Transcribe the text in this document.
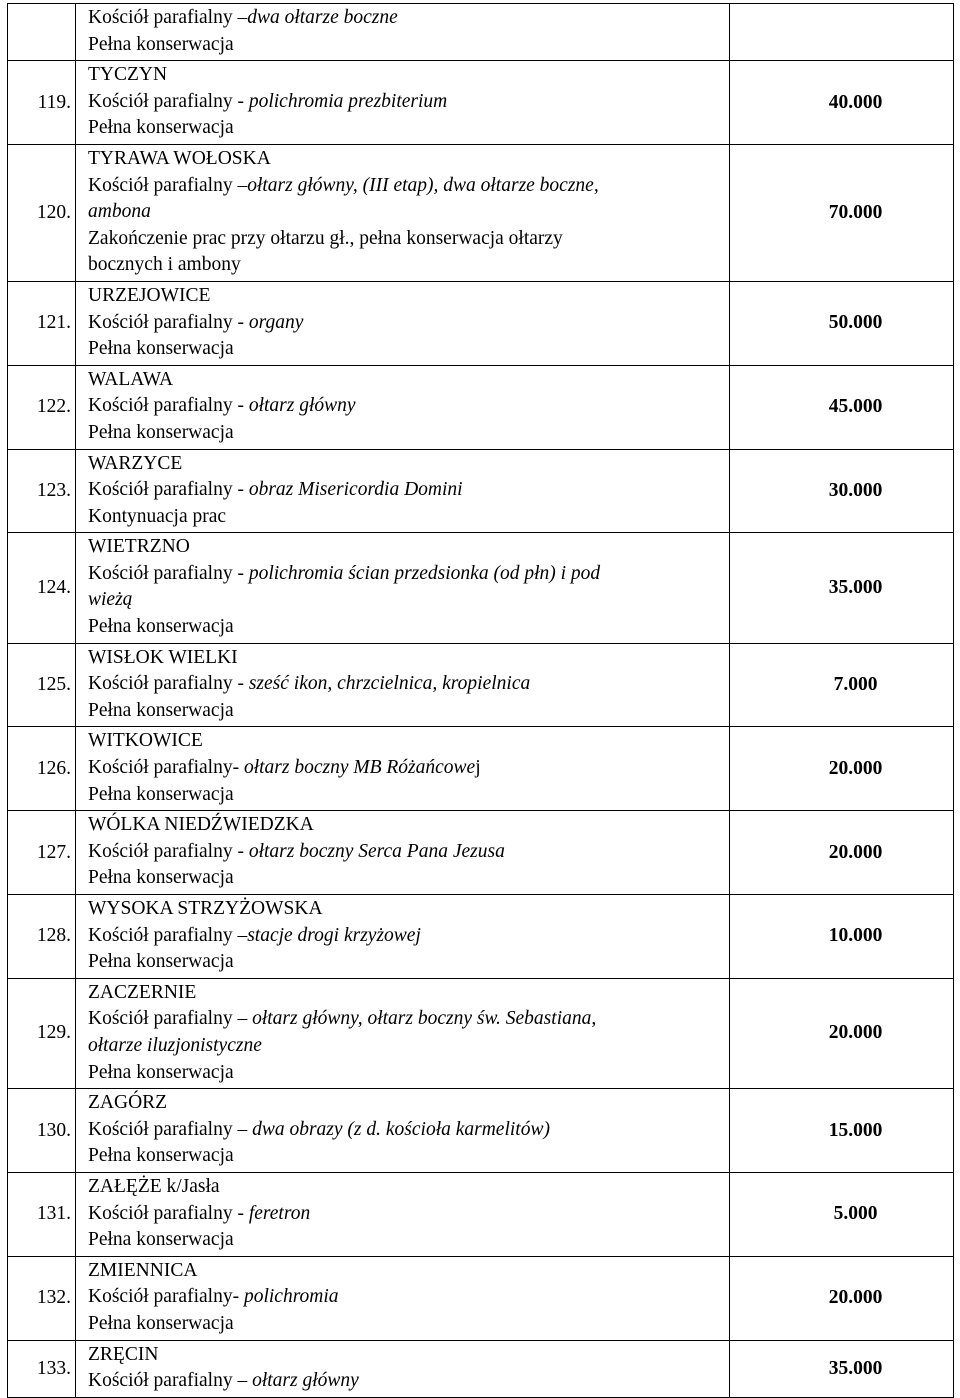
	Kościół parafialny –dwa ołtarze boczne
Pełna konserwacja	

119.	TYCZYN
Kościół parafialny - polichromia prezbiterium
Pełna konserwacja	40.000
120.	TYRAWA WOŁOSKA
Kościół parafialny –ołtarz główny, (III etap), dwa ołtarze boczne,
ambona
Zakończenie prac przy ołtarzu gł., pełna konserwacja ołtarzy
bocznych i ambony	70.000
121.	URZEJOWICE
Kościół parafialny - organy
Pełna konserwacja	50.000
122.	WALAWA
Kościół parafialny - ołtarz główny
Pełna konserwacja	45.000
123.	WARZYCE
Kościół parafialny - obraz Misericordia Domini
Kontynuacja prac	30.000
124.	WIETRZNO
Kościół parafialny - polichromia ścian przedsionka (od płn) i pod
wieżą
Pełna konserwacja	35.000
125.	WISŁOK WIELKI
Kościół parafialny - sześć ikon, chrzcielnica, kropielnica
Pełna konserwacja	7.000
126.	WITKOWICE
Kościół parafialny- ołtarz boczny MB Różańcowej
Pełna konserwacja	20.000
127.	WÓLKA NIEDŹWIEDZKA
Kościół parafialny - ołtarz boczny Serca Pana Jezusa
Pełna konserwacja	20.000
128.	WYSOKA STRZYŻOWSKA
Kościół parafialny –stacje drogi krzyżowej
Pełna konserwacja	10.000
129.	ZACZERNIE
Kościół parafialny – ołtarz główny, ołtarz boczny św. Sebastiana,
ołtarze iluzjonistyczne
Pełna konserwacja	20.000
130.	ZAGÓRZ
Kościół parafialny – dwa obrazy (z d. kościoła karmelitów)
Pełna konserwacja	15.000
131.	ZAŁĘŻE k/Jasła
Kościół parafialny - feretron
Pełna konserwacja	5.000
132.	ZMIENNICA
Kościół parafialny- polichromia
Pełna konserwacja	20.000
133.	ZRĘCIN
Kościół parafialny – ołtarz główny	35.000
